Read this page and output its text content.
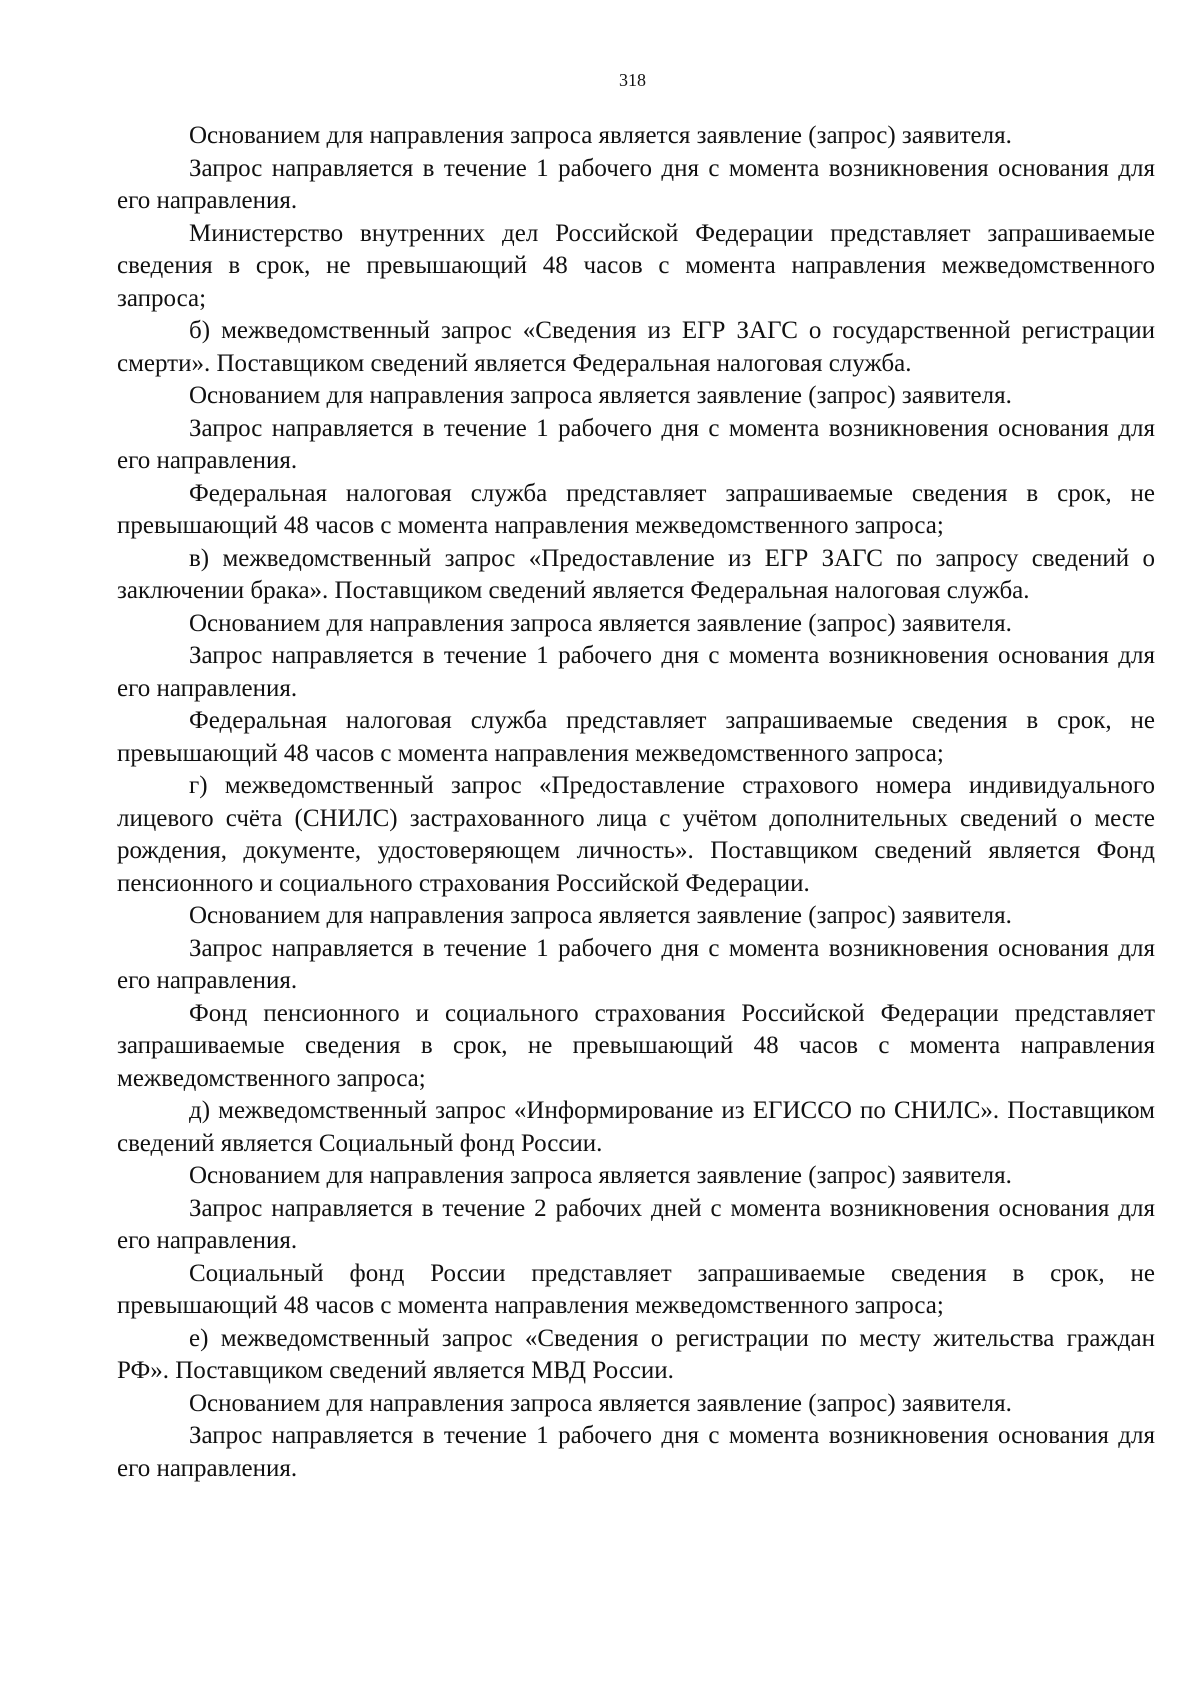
318

Основанием для направления запроса является заявление (запрос) заявителя.

Запрос направляется в течение 1 рабочего дня с момента возникновения основания для его направления.

Министерство внутренних дел Российской Федерации представляет запрашиваемые сведения в срок, не превышающий 48 часов с момента направления межведомственного запроса;

б) межведомственный запрос «Сведения из ЕГР ЗАГС о государственной регистрации смерти». Поставщиком сведений является Федеральная налоговая служба.

Основанием для направления запроса является заявление (запрос) заявителя.

Запрос направляется в течение 1 рабочего дня с момента возникновения основания для его направления.

Федеральная налоговая служба представляет запрашиваемые сведения в срок, не превышающий 48 часов с момента направления межведомственного запроса;

в) межведомственный запрос «Предоставление из ЕГР ЗАГС по запросу сведений о заключении брака». Поставщиком сведений является Федеральная налоговая служба.

Основанием для направления запроса является заявление (запрос) заявителя.

Запрос направляется в течение 1 рабочего дня с момента возникновения основания для его направления.

Федеральная налоговая служба представляет запрашиваемые сведения в срок, не превышающий 48 часов с момента направления межведомственного запроса;

г) межведомственный запрос «Предоставление страхового номера индивидуального лицевого счёта (СНИЛС) застрахованного лица с учётом дополнительных сведений о месте рождения, документе, удостоверяющем личность». Поставщиком сведений является Фонд пенсионного и социального страхования Российской Федерации.

Основанием для направления запроса является заявление (запрос) заявителя.

Запрос направляется в течение 1 рабочего дня с момента возникновения основания для его направления.

Фонд пенсионного и социального страхования Российской Федерации представляет запрашиваемые сведения в срок, не превышающий 48 часов с момента направления межведомственного запроса;

д) межведомственный запрос «Информирование из ЕГИССО по СНИЛС». Поставщиком сведений является Социальный фонд России.

Основанием для направления запроса является заявление (запрос) заявителя.

Запрос направляется в течение 2 рабочих дней с момента возникновения основания для его направления.

Социальный фонд России представляет запрашиваемые сведения в срок, не превышающий 48 часов с момента направления межведомственного запроса;

е) межведомственный запрос «Сведения о регистрации по месту жительства граждан РФ». Поставщиком сведений является МВД России.

Основанием для направления запроса является заявление (запрос) заявителя.

Запрос направляется в течение 1 рабочего дня с момента возникновения основания для его направления.
